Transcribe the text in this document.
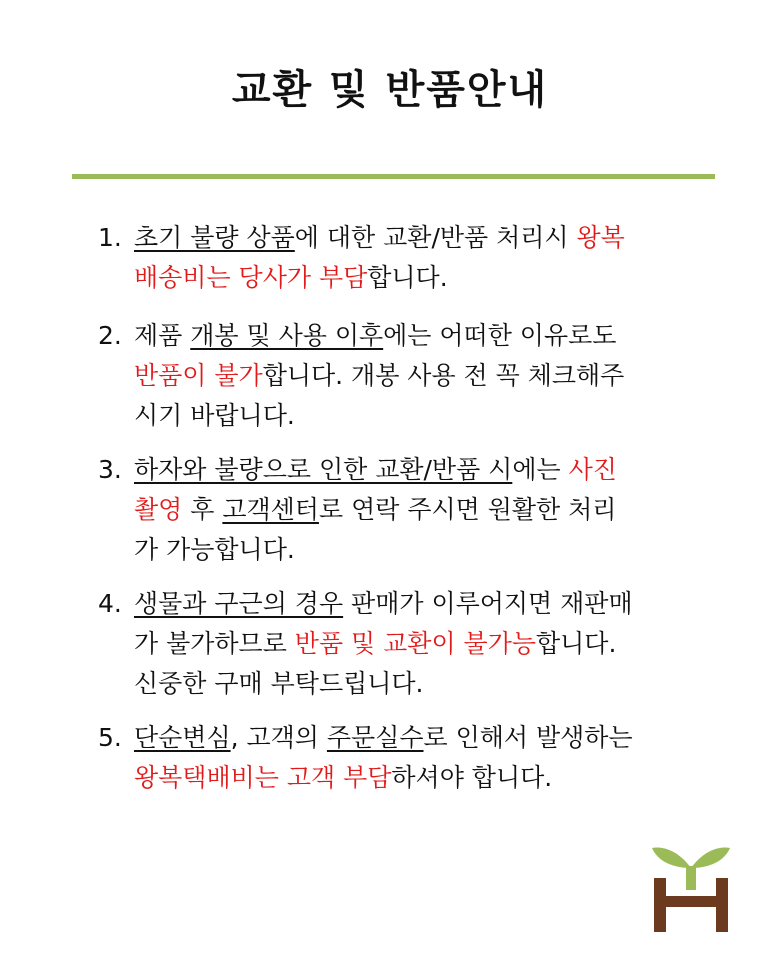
교환 및 반품안내
1. 초기 불량 상품에 대한 교환/반품 처리시 왕복
배송비는 당사가 부담합니다.
2. 제품 개봉 및 사용 이후에는 어떠한 이유로도
반품이 불가합니다. 개봉 사용 전 꼭 체크해주
시기 바랍니다.
3. 하자와 불량으로 인한 교환/반품 시에는 사진
촬영 후 고객센터로 연락 주시면 원활한 처리
가 가능합니다.
4. 생물과 구근의 경우 판매가 이루어지면 재판매
가 불가하므로 반품 및 교환이 불가능합니다.
신중한 구매 부탁드립니다.
5. 단순변심, 고객의 주문실수로 인해서 발생하는
왕복택배비는 고객 부담하셔야 합니다.
